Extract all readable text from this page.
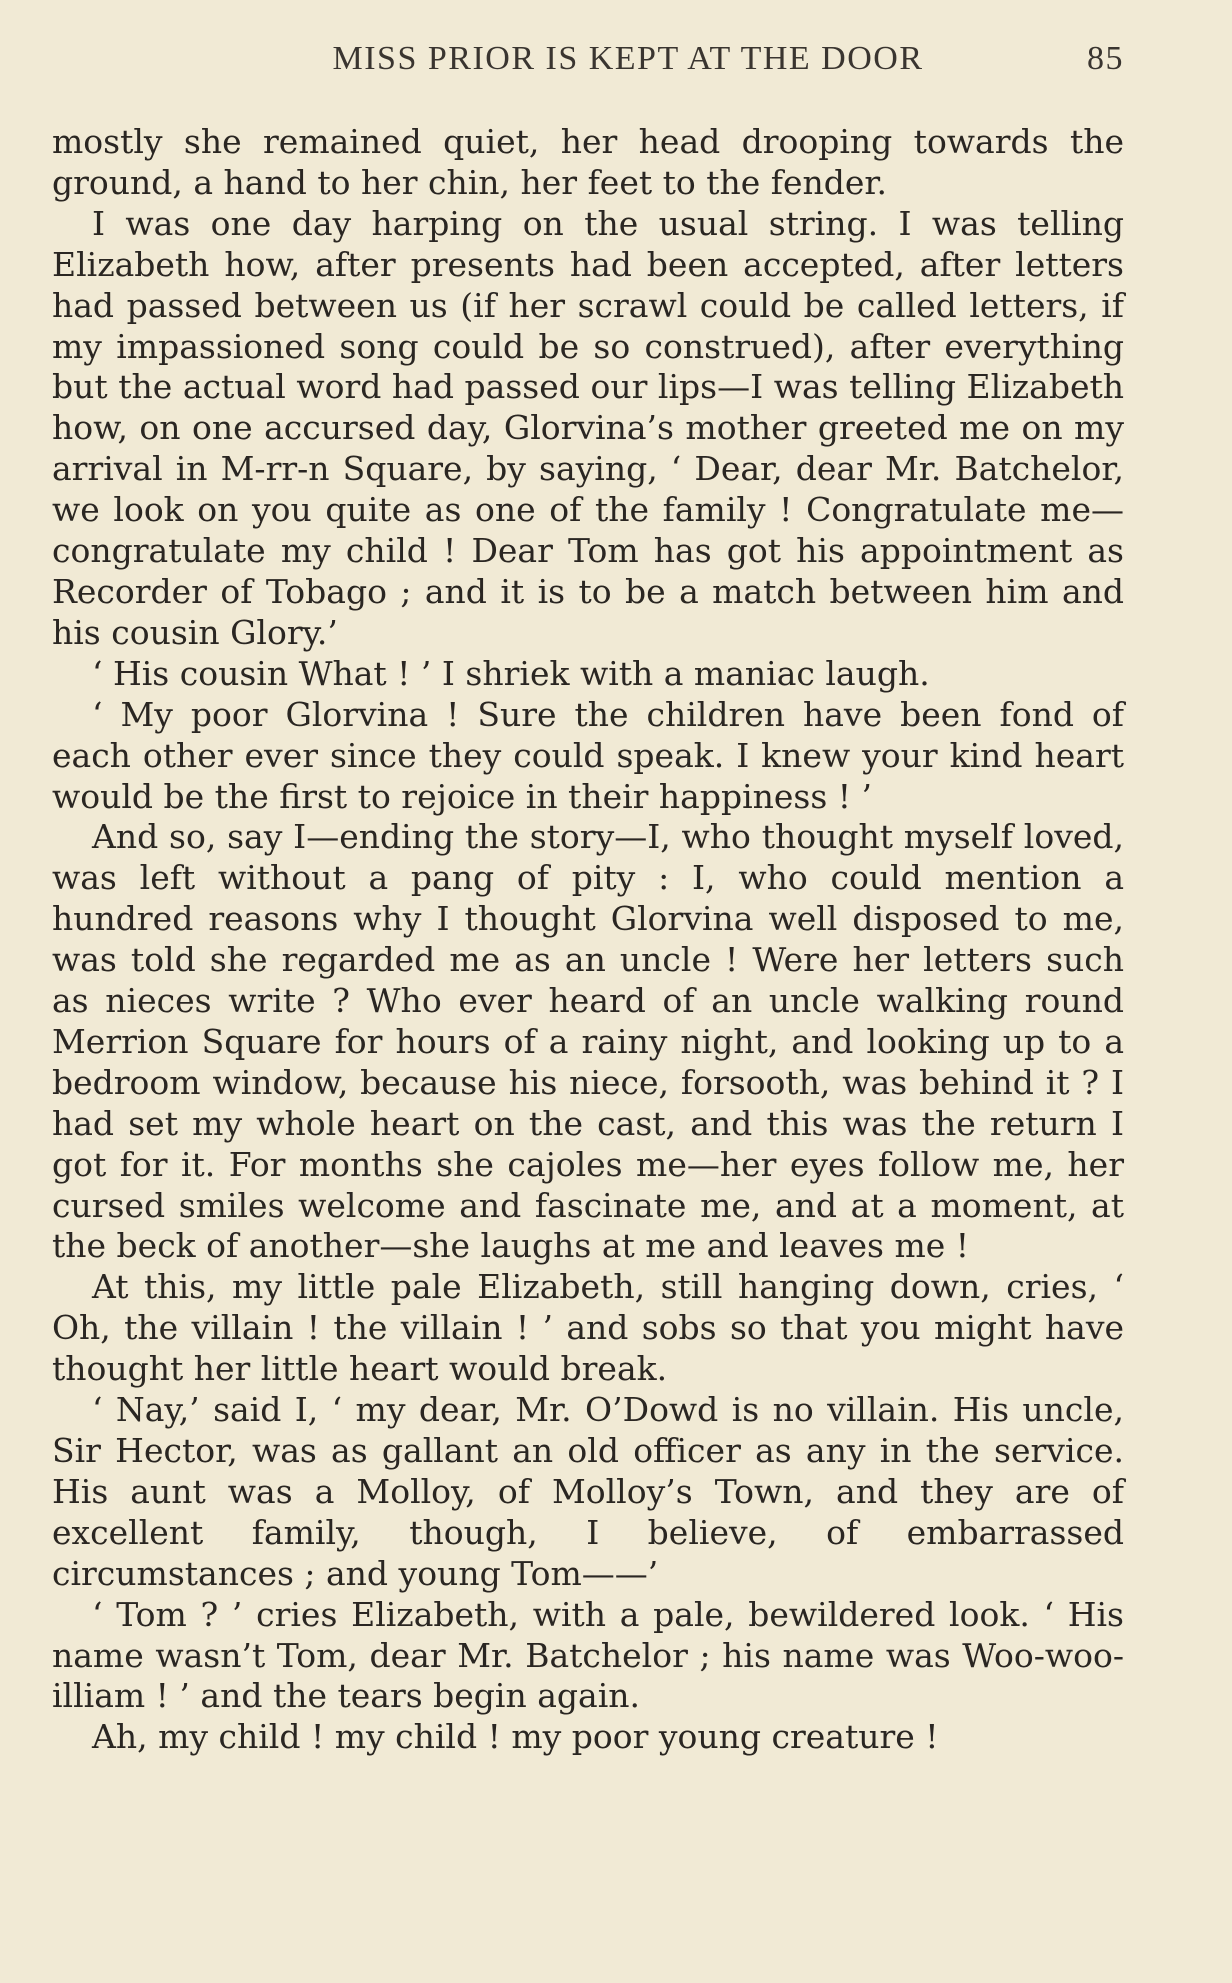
MISS PRIOR IS KEPT AT THE DOOR	85

mostly she remained quiet, her head drooping towards the ground, a hand to her chin, her feet to the fender.

I was one day harping on the usual string. I was telling Elizabeth how, after presents had been accepted, after letters had passed between us (if her scrawl could be called letters, if my impassioned song could be so construed), after everything but the actual word had passed our lips—I was telling Elizabeth how, on one accursed day, Glorvina’s mother greeted me on my arrival in M-rr-n Square, by saying, ‘ Dear, dear Mr. Batchelor, we look on you quite as one of the family ! Congratulate me—congratulate my child ! Dear Tom has got his appointment as Recorder of Tobago ; and it is to be a match between him and his cousin Glory.’

‘ His cousin What ! ’ I shriek with a maniac laugh.

‘ My poor Glorvina ! Sure the children have been fond of each other ever since they could speak. I knew your kind heart would be the first to rejoice in their happiness ! ’

And so, say I—ending the story—I, who thought myself loved, was left without a pang of pity : I, who could mention a hundred reasons why I thought Glorvina well disposed to me, was told she regarded me as an uncle ! Were her letters such as nieces write ? Who ever heard of an uncle walking round Merrion Square for hours of a rainy night, and looking up to a bedroom window, because his niece, forsooth, was behind it ? I had set my whole heart on the cast, and this was the return I got for it. For months she cajoles me—her eyes follow me, her cursed smiles welcome and fascinate me, and at a moment, at the beck of another—she laughs at me and leaves me !

At this, my little pale Elizabeth, still hanging down, cries, ‘ Oh, the villain ! the villain ! ’ and sobs so that you might have thought her little heart would break.

‘ Nay,’ said I, ‘ my dear, Mr. O’Dowd is no villain. His uncle, Sir Hector, was as gallant an old officer as any in the service. His aunt was a Molloy, of Molloy’s Town, and they are of excellent family, though, I believe, of embarrassed circumstances ; and young Tom——’

‘ Tom ? ’ cries Elizabeth, with a pale, bewildered look. ‘ His name wasn’t Tom, dear Mr. Batchelor ; his name was Woo-woo-illiam ! ’ and the tears begin again.

Ah, my child ! my child ! my poor young creature !
